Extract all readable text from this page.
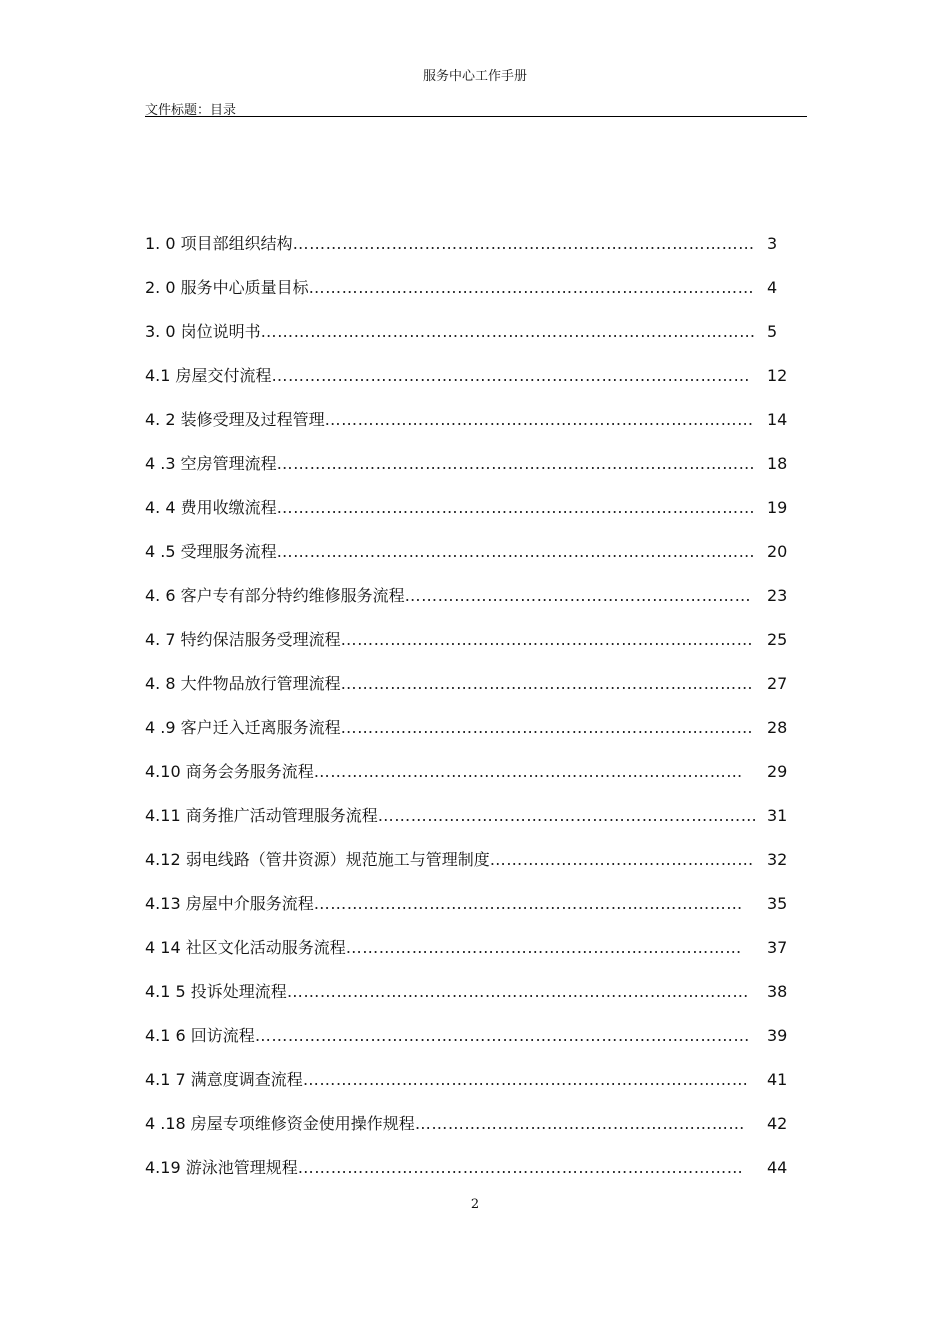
服务中心工作手册
文件标题：目录
1. 0 项目部组织结构………………………………………………………………………… 3
2. 0 服务中心质量目标……………………………………………………………………… 4
3. 0 岗位说明书……………………………………………………………………………… 5
4.1 房屋交付流程…………………………………………………………………………… 12
4. 2 装修受理及过程管理…………………………………………………………………… 14
4 .3 空房管理流程…………………………………………………………………………… 18
4. 4 费用收缴流程…………………………………………………………………………… 19
4 .5 受理服务流程…………………………………………………………………………… 20
4. 6 客户专有部分特约维修服务流程……………………………………………………… 23
4. 7 特约保洁服务受理流程………………………………………………………………… 25
4. 8 大件物品放行管理流程………………………………………………………………… 27
4 .9 客户迁入迁离服务流程………………………………………………………………… 28
4.10 商务会务服务流程…………………………………………………………………… 29
4.11 商务推广活动管理服务流程…………………………………………………………… 31
4.12 弱电线路（管井资源）规范施工与管理制度………………………………………… 32
4.13 房屋中介服务流程…………………………………………………………………… 35
4 14 社区文化活动服务流程……………………………………………………………… 37
4.1 5 投诉处理流程………………………………………………………………………… 38
4.1 6 回访流程……………………………………………………………………………… 39
4.1 7 满意度调查流程……………………………………………………………………… 41
4 .18 房屋专项维修资金使用操作规程…………………………………………………… 42
4.19 游泳池管理规程……………………………………………………………………… 44
2
